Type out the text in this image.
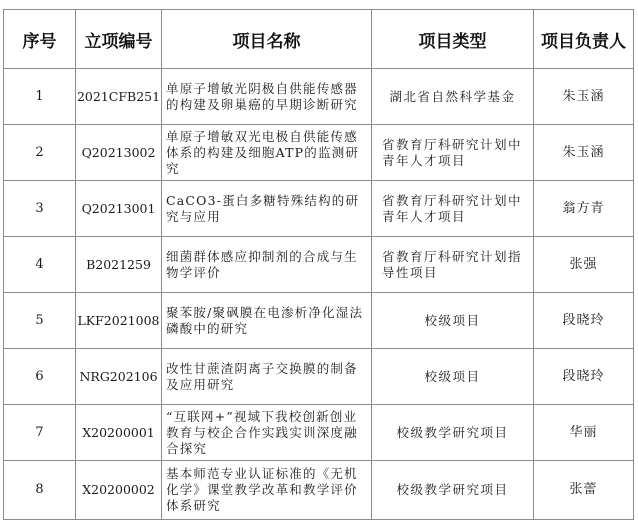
序号	立项编号	项目名称	项目类型	项目负责人
1	2021CFB251	单原子增敏光阴极自供能传感器的构建及卵巢癌的早期诊断研究	湖北省自然科学基金	朱玉涵
2	Q20213002	单原子增敏双光电极自供能传感体系的构建及细胞ATP的监测研究	省教育厅科研究计划中青年人才项目	朱玉涵
3	Q20213001	CaCO3-蛋白多糖特殊结构的研究与应用	省教育厅科研究计划中青年人才项目	翁方青
4	B2021259	细菌群体感应抑制剂的合成与生物学评价	省教育厅科研究计划指导性项目	张强
5	LKF2021008	聚苯胺/聚砜膜在电渗析净化湿法磷酸中的研究	校级项目	段晓玲
6	NRG202106	改性甘蔗渣阴离子交换膜的制备及应用研究	校级项目	段晓玲
7	X20200001	“互联网+”视域下我校创新创业教育与校企合作实践实训深度融合探究	校级教学研究项目	华丽
8	X20200002	基本师范专业认证标准的《无机化学》课堂教学改革和教学评价体系研究	校级教学研究项目	张蕾
